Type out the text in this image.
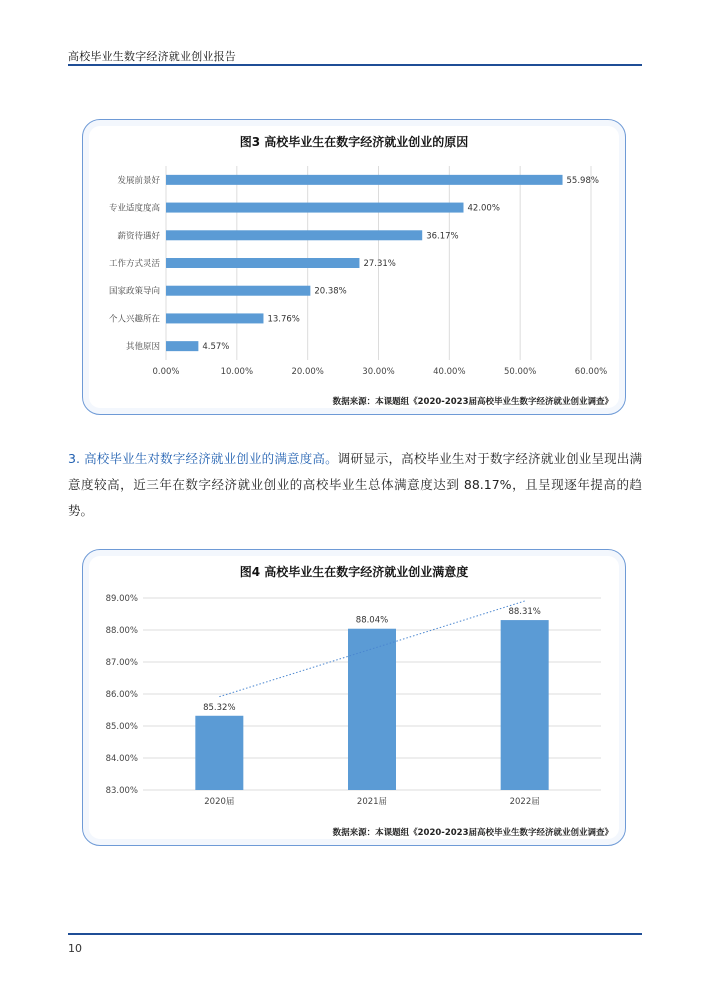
高校毕业生数字经济就业创业报告
0.00%	10.00%	20.00%	30.00%	40.00%	50.00%	60.00%
发展前景好	55.98%
专业适度度高	42.00%
薪资待遇好	36.17%
工作方式灵活	27.31%
国家政策导向	20.38%
个人兴趣所在	13.76%
其他原因	4.57%
图3 高校毕业生在数字经济就业创业的原因
数据来源：本课题组《2020-2023届高校毕业生数字经济就业创业调查》
3. 高校毕业生对数字经济就业创业的满意度高。调研显示，高校毕业生对于数字经济就业创业呈现出满意度较高，近三年在数字经济就业创业的高校毕业生总体满意度达到 88.17%，且呈现逐年提高的趋势。
83.00%
84.00%
85.00%
86.00%
87.00%
88.00%
89.00%
85.32%
2020届
88.04%
2021届
88.31%
2022届
图4 高校毕业生在数字经济就业创业满意度
数据来源：本课题组《2020-2023届高校毕业生数字经济就业创业调查》
10
